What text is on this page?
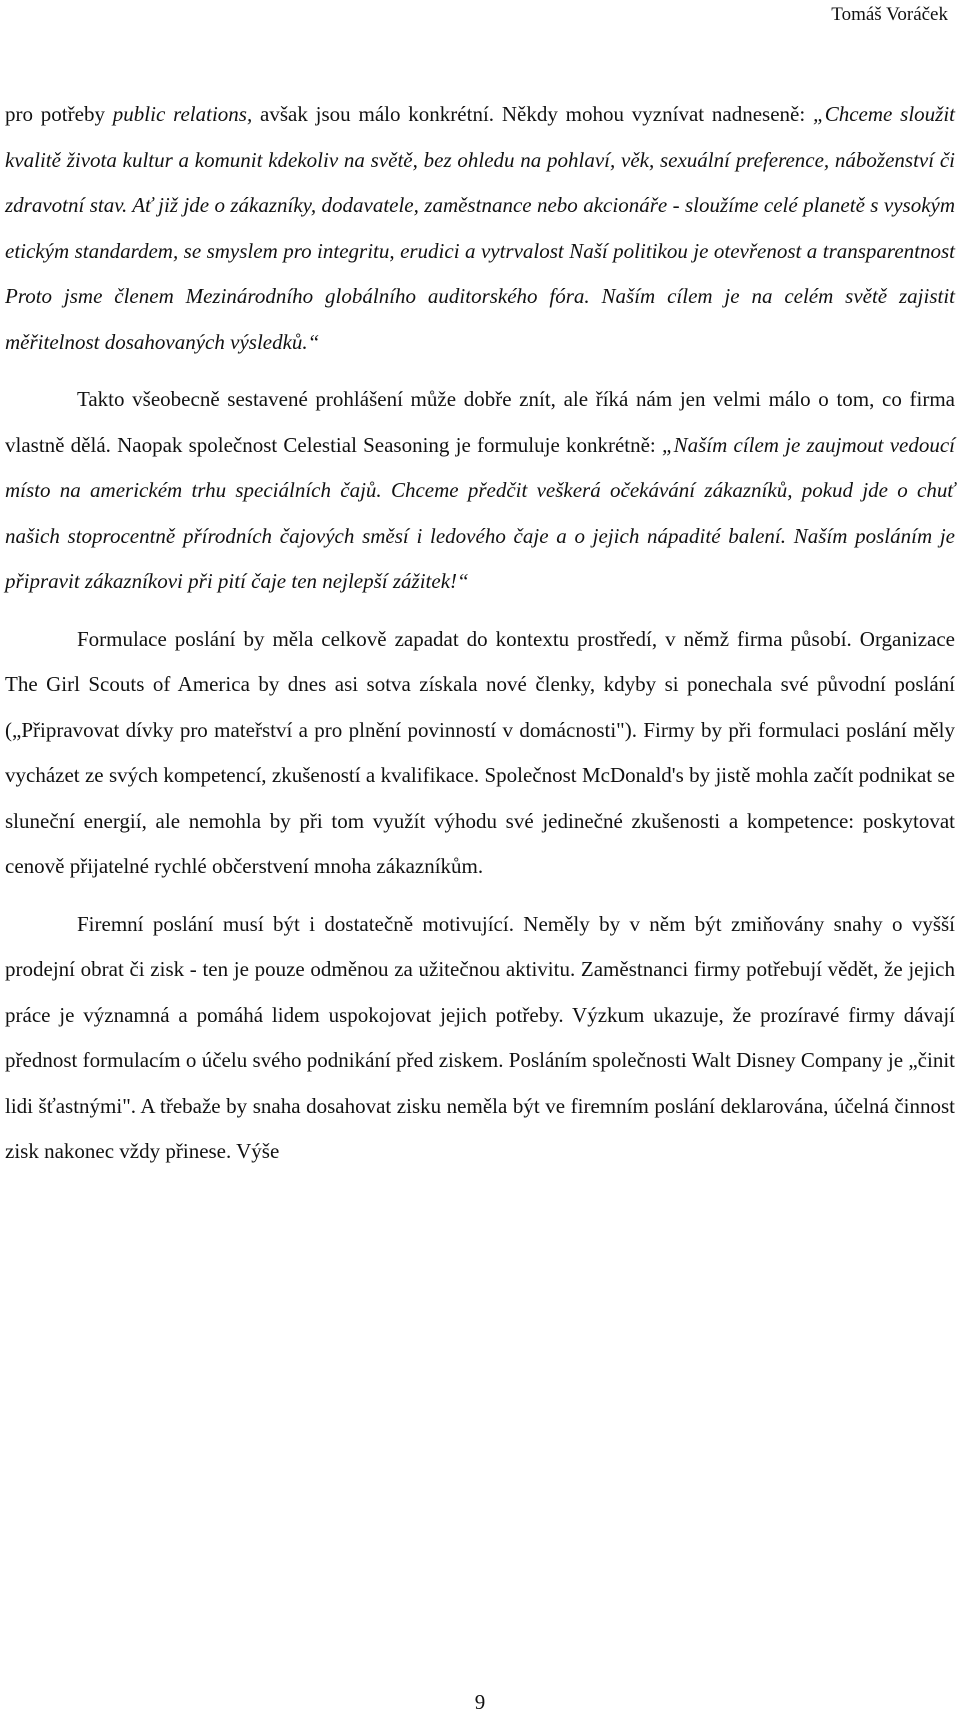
Tomáš Voráček

pro potřeby public relations, avšak jsou málo konkrétní. Někdy mohou vyznívat nadneseně: „Chceme sloužit kvalitě života kultur a komunit kdekoliv na světě, bez ohledu na pohlaví, věk, sexuální preference, náboženství či zdravotní stav. Ať již jde o zákazníky, dodavatele, zaměstnance nebo akcionáře - sloužíme celé planetě s vysokým etickým standardem, se smyslem pro integritu, erudici a vytrvalost Naší politikou je otevřenost a transparentnost Proto jsme členem Mezinárodního globálního auditorského fóra. Naším cílem je na celém světě zajistit měřitelnost dosahovaných výsledků.“

Takto všeobecně sestavené prohlášení může dobře znít, ale říká nám jen velmi málo o tom, co firma vlastně dělá. Naopak společnost Celestial Seasoning je formuluje konkrétně: „Naším cílem je zaujmout vedoucí místo na americkém trhu speciálních čajů. Chceme předčit veškerá očekávání zákazníků, pokud jde o chuť našich stoprocentně přírodních čajových směsí i ledového čaje a o jejich nápadité balení. Naším posláním je připravit zákazníkovi při pití čaje ten nejlepší zážitek!“

Formulace poslání by měla celkově zapadat do kontextu prostředí, v němž firma působí. Organizace The Girl Scouts of America by dnes asi sotva získala nové členky, kdyby si ponechala své původní poslání („Připravovat dívky pro mateřství a pro plnění povinností v domácnosti"). Firmy by při formulaci poslání měly vycházet ze svých kompetencí, zkušeností a kvalifikace. Společnost McDonald's by jistě mohla začít podnikat se sluneční energií, ale nemohla by při tom využít výhodu své jedinečné zkušenosti a kompetence: poskytovat cenově přijatelné rychlé občerstvení mnoha zákazníkům.

Firemní poslání musí být i dostatečně motivující. Neměly by v něm být zmiňovány snahy o vyšší prodejní obrat či zisk - ten je pouze odměnou za užitečnou aktivitu. Zaměstnanci firmy potřebují vědět, že jejich práce je významná a pomáhá lidem uspokojovat jejich potřeby. Výzkum ukazuje, že prozíravé firmy dávají přednost formulacím o účelu svého podnikání před ziskem. Posláním společnosti Walt Disney Company je „činit lidi šťastnými". A třebaže by snaha dosahovat zisku neměla být ve firemním poslání deklarována, účelná činnost zisk nakonec vždy přinese. Výše

9
